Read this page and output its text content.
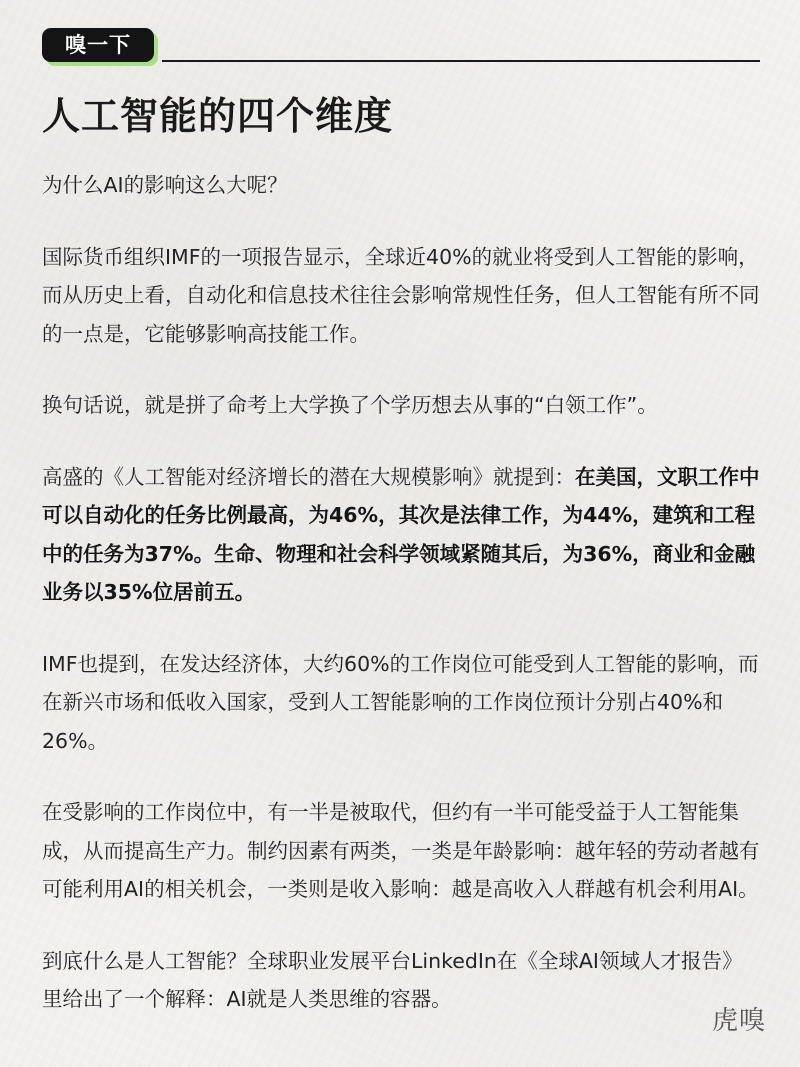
嗅一下
人工智能的四个维度

为什么AI的影响这么大呢？

国际货币组织IMF的一项报告显示，全球近40%的就业将受到人工智能的影响，而从历史上看，自动化和信息技术往往会影响常规性任务，但人工智能有所不同的一点是，它能够影响高技能工作。

换句话说，就是拼了命考上大学换了个学历想去从事的“白领工作”。

高盛的《人工智能对经济增长的潜在大规模影响》就提到：在美国，文职工作中可以自动化的任务比例最高，为46%，其次是法律工作，为44%，建筑和工程中的任务为37%。生命、物理和社会科学领域紧随其后，为36%，商业和金融业务以35%位居前五。

IMF也提到，在发达经济体，大约60%的工作岗位可能受到人工智能的影响，而在新兴市场和低收入国家，受到人工智能影响的工作岗位预计分别占40%和26%。

在受影响的工作岗位中，有一半是被取代，但约有一半可能受益于人工智能集成，从而提高生产力。制约因素有两类，一类是年龄影响：越年轻的劳动者越有可能利用AI的相关机会，一类则是收入影响：越是高收入人群越有机会利用AI。

到底什么是人工智能？全球职业发展平台LinkedIn在《全球AI领域人才报告》里给出了一个解释：AI就是人类思维的容器。

虎嗅
